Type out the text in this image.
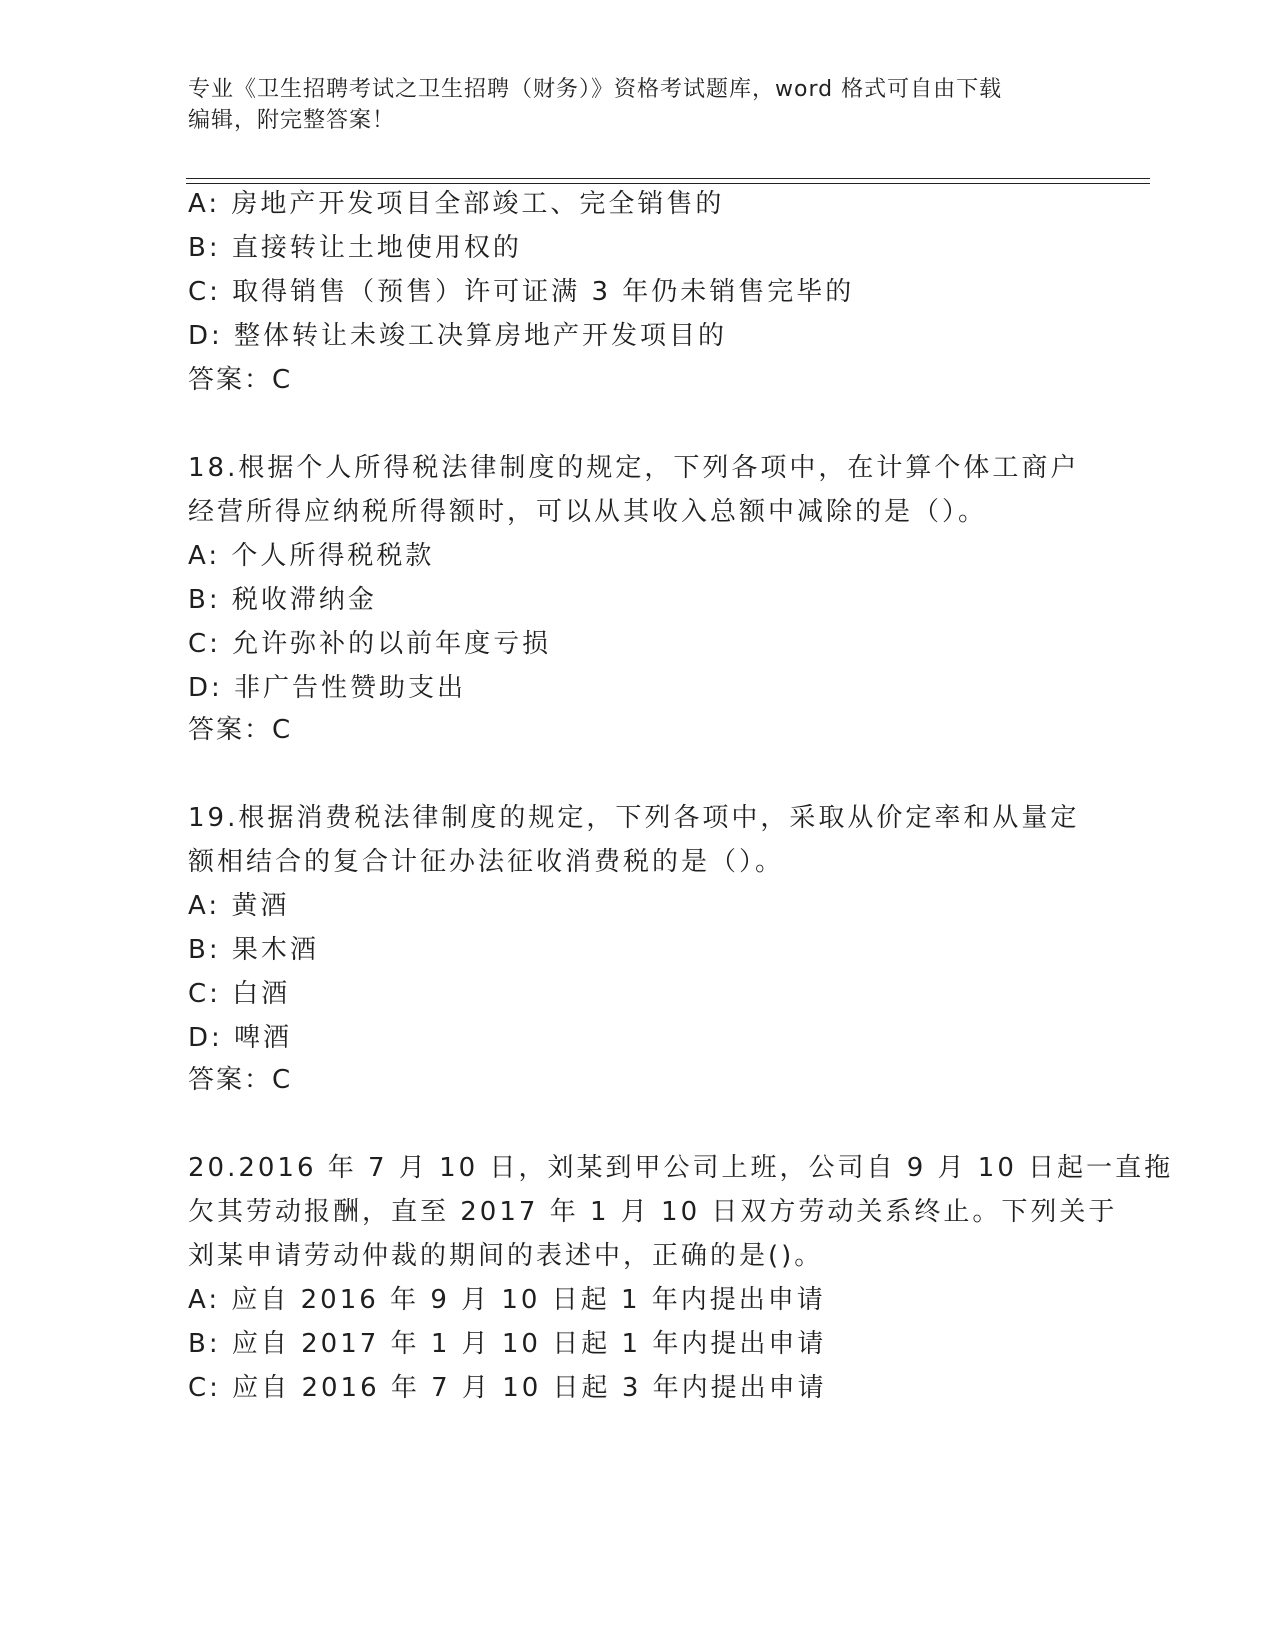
专业《卫生招聘考试之卫生招聘（财务）》资格考试题库，word 格式可自由下载
编辑，附完整答案！
A: 房地产开发项目全部竣工、完全销售的
B: 直接转让土地使用权的
C: 取得销售（预售）许可证满 3 年仍未销售完毕的
D: 整体转让未竣工决算房地产开发项目的
答案：C
18.根据个人所得税法律制度的规定，下列各项中，在计算个体工商户
经营所得应纳税所得额时，可以从其收入总额中减除的是（）。
A: 个人所得税税款
B: 税收滞纳金
C: 允许弥补的以前年度亏损
D: 非广告性赞助支出
答案：C
19.根据消费税法律制度的规定，下列各项中，采取从价定率和从量定
额相结合的复合计征办法征收消费税的是（）。
A: 黄酒
B: 果木酒
C: 白酒
D: 啤酒
答案：C
20.2016 年 7 月 10 日，刘某到甲公司上班，公司自 9 月 10 日起一直拖
欠其劳动报酬，直至 2017 年 1 月 10 日双方劳动关系终止。下列关于
刘某申请劳动仲裁的期间的表述中，正确的是()。
A: 应自 2016 年 9 月 10 日起 1 年内提出申请
B: 应自 2017 年 1 月 10 日起 1 年内提出申请
C: 应自 2016 年 7 月 10 日起 3 年内提出申请
